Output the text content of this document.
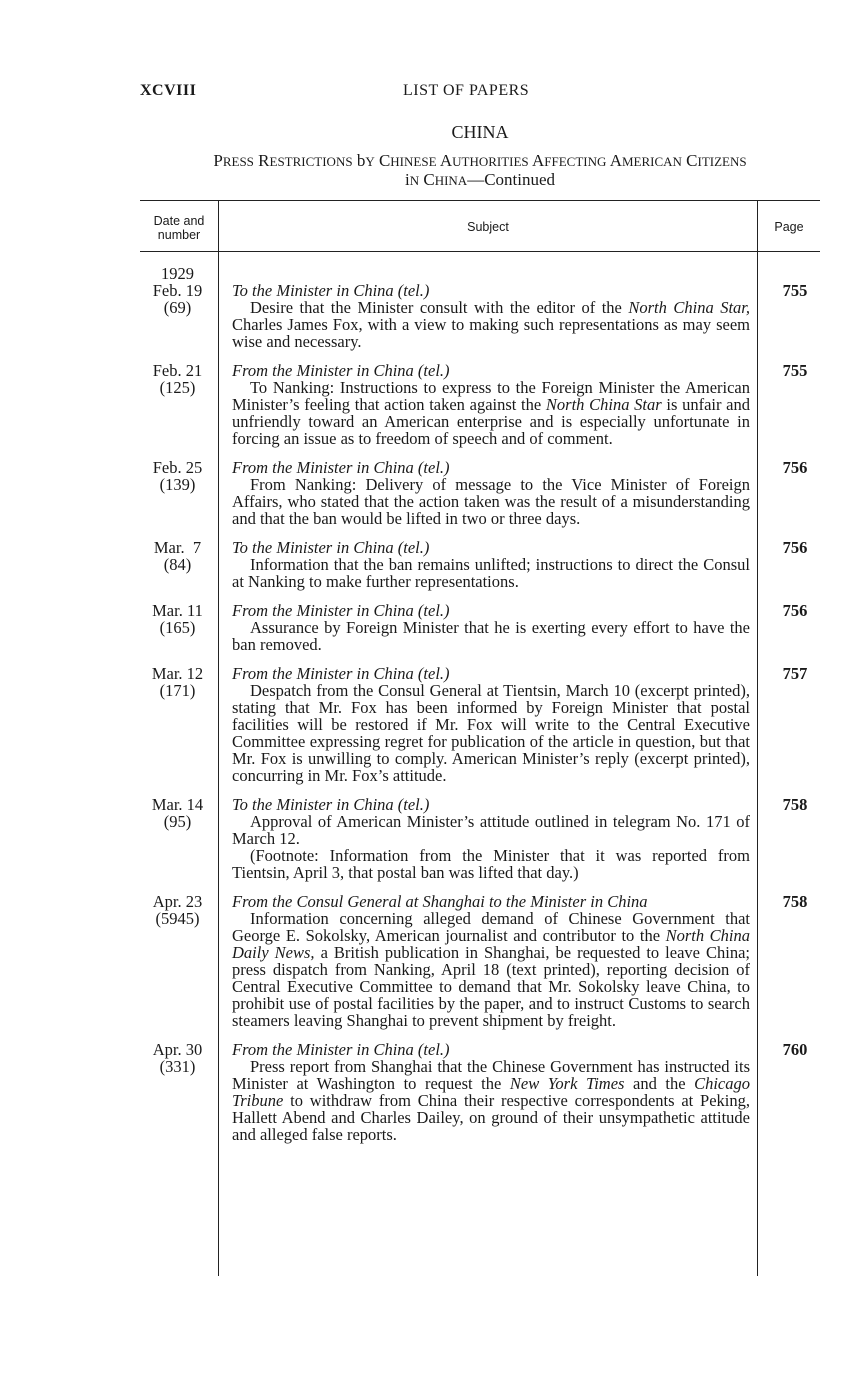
XCVIII	LIST OF PAPERS
CHINA
PRESS RESTRICTIONS bY CHINESE AUTHORITIES AFFECTING AMERICAN CITIZENS
iN CHINA—Continued
Date and number
Subject	Page
1929
Feb. 19
(69)
To the Minister in China (tel.)
Desire that the Minister consult with the editor of the North China Star, Charles James Fox, with a view to making such representations as may seem wise and necessary.
755
Feb. 21
(125)
From the Minister in China (tel.)
To Nanking: Instructions to express to the Foreign Minister the American Minister’s feeling that action taken against the North China Star is unfair and unfriendly toward an American enterprise and is especially unfortunate in forcing an issue as to freedom of speech and of comment.
755
Feb. 25
(139)
From the Minister in China (tel.)
From Nanking: Delivery of message to the Vice Minister of Foreign Affairs, who stated that the action taken was the result of a misunderstanding and that the ban would be lifted in two or three days.
756
Mar.  7
(84)
To the Minister in China (tel.)
Information that the ban remains unlifted; instructions to direct the Consul at Nanking to make further representations.
756
Mar. 11
(165)
From the Minister in China (tel.)
Assurance by Foreign Minister that he is exerting every effort to have the ban removed.
756
Mar. 12
(171)
From the Minister in China (tel.)
Despatch from the Consul General at Tientsin, March 10 (excerpt printed), stating that Mr. Fox has been informed by Foreign Minister that postal facilities will be restored if Mr. Fox will write to the Central Executive Committee expressing regret for publication of the article in question, but that Mr. Fox is unwilling to comply. American Minister’s reply (excerpt printed), concurring in Mr. Fox’s attitude.
757
Mar. 14
(95)
To the Minister in China (tel.)
Approval of American Minister’s attitude outlined in telegram No. 171 of March 12.
(Footnote: Information from the Minister that it was reported from Tientsin, April 3, that postal ban was lifted that day.)
758
Apr. 23
(5945)
From the Consul General at Shanghai to the Minister in China
Information concerning alleged demand of Chinese Government that George E. Sokolsky, American journalist and contributor to the North China Daily News, a British publication in Shanghai, be requested to leave China; press dispatch from Nanking, April 18 (text printed), reporting decision of Central Executive Committee to demand that Mr. Sokolsky leave China, to prohibit use of postal facilities by the paper, and to instruct Customs to search steamers leaving Shanghai to prevent shipment by freight.
758
Apr. 30
(331)
From the Minister in China (tel.)
Press report from Shanghai that the Chinese Government has instructed its Minister at Washington to request the New York Times and the Chicago Tribune to withdraw from China their respective correspondents at Peking, Hallett Abend and Charles Dailey, on ground of their unsympathetic attitude and alleged false reports.
760
